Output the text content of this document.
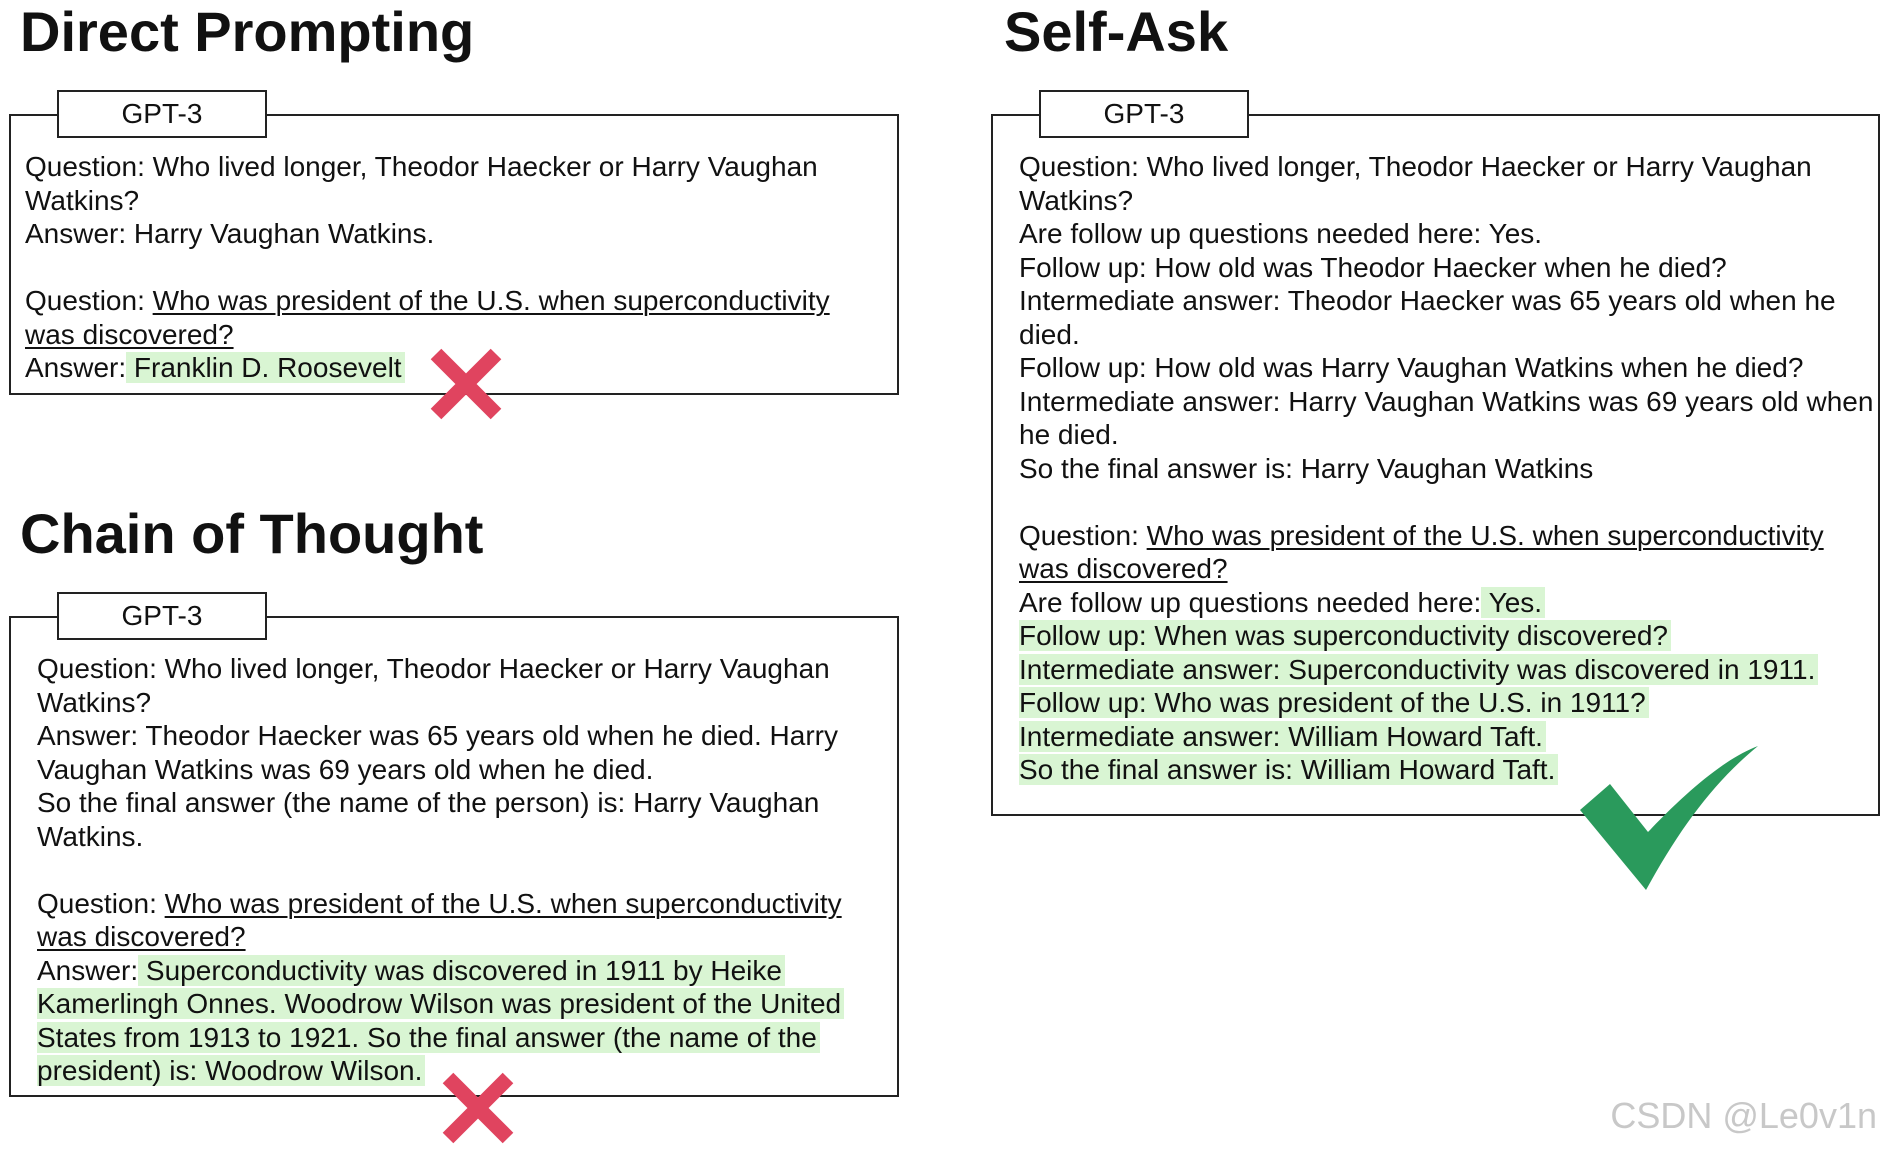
Direct Prompting
GPT-3
Question: Who lived longer, Theodor Haecker or Harry Vaughan
Watkins?
Answer: Harry Vaughan Watkins.
Question: Who was president of the U.S. when superconductivity
was discovered?
Answer: Franklin D. Roosevelt
Chain of Thought
GPT-3
Question: Who lived longer, Theodor Haecker or Harry Vaughan
Watkins?
Answer: Theodor Haecker was 65 years old when he died. Harry
Vaughan Watkins was 69 years old when he died.
So the final answer (the name of the person) is: Harry Vaughan
Watkins.
Question: Who was president of the U.S. when superconductivity
was discovered?
Answer: Superconductivity was discovered in 1911 by Heike
Kamerlingh Onnes. Woodrow Wilson was president of the United
States from 1913 to 1921. So the final answer (the name of the
president) is: Woodrow Wilson.
Self-Ask
GPT-3
Question: Who lived longer, Theodor Haecker or Harry Vaughan
Watkins?
Are follow up questions needed here: Yes.
Follow up: How old was Theodor Haecker when he died?
Intermediate answer: Theodor Haecker was 65 years old when he
died.
Follow up: How old was Harry Vaughan Watkins when he died?
Intermediate answer: Harry Vaughan Watkins was 69 years old when
he died.
So the final answer is: Harry Vaughan Watkins
Question: Who was president of the U.S. when superconductivity
was discovered?
Are follow up questions needed here: Yes.
Follow up: When was superconductivity discovered?
Intermediate answer: Superconductivity was discovered in 1911.
Follow up: Who was president of the U.S. in 1911?
Intermediate answer: William Howard Taft.
So the final answer is: William Howard Taft.
CSDN @Le0v1n
